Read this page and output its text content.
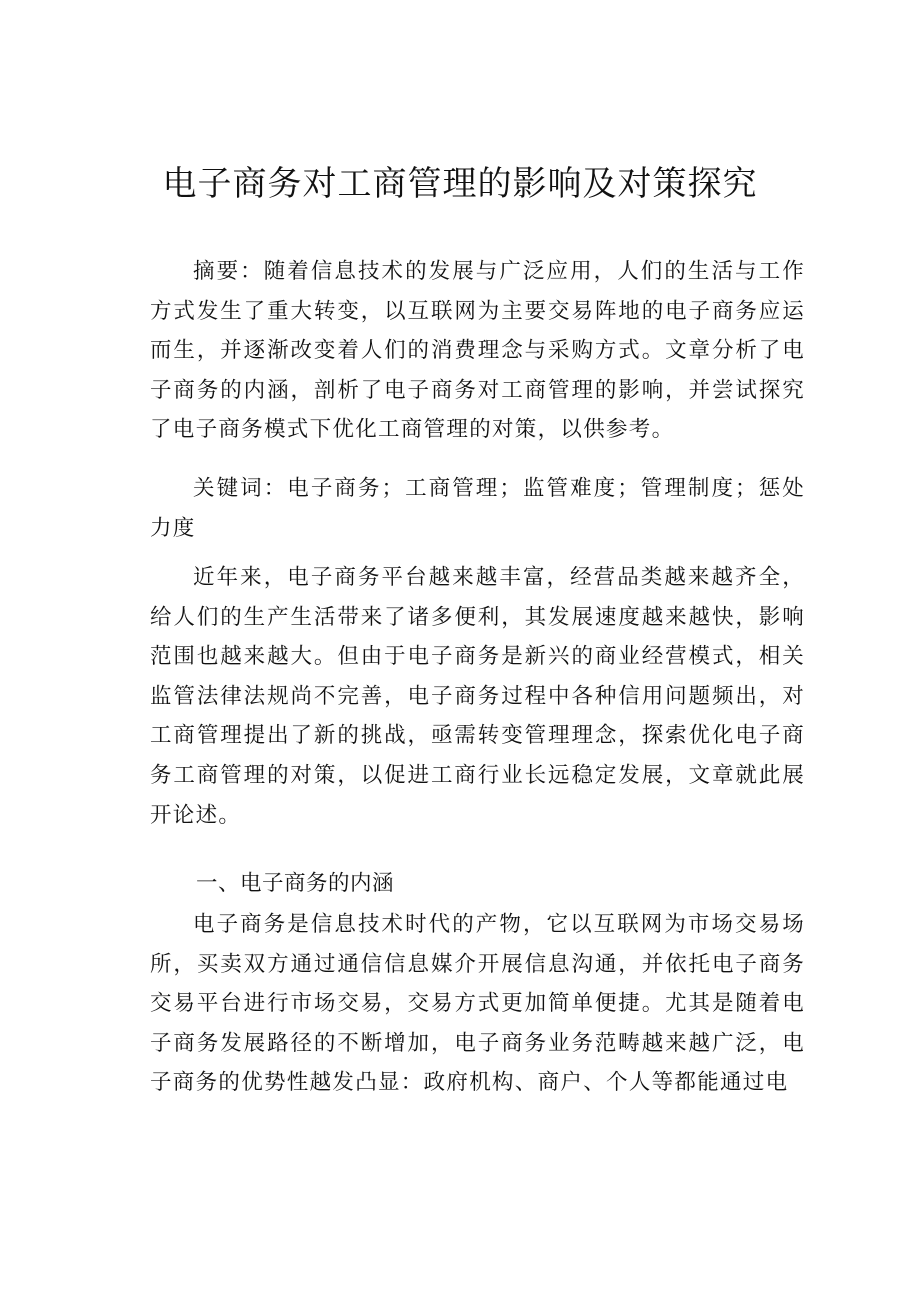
电子商务对工商管理的影响及对策探究

摘要：随着信息技术的发展与广泛应用，人们的生活与工作方式发生了重大转变，以互联网为主要交易阵地的电子商务应运而生，并逐渐改变着人们的消费理念与采购方式。文章分析了电子商务的内涵，剖析了电子商务对工商管理的影响，并尝试探究了电子商务模式下优化工商管理的对策，以供参考。

关键词：电子商务；工商管理；监管难度；管理制度；惩处力度

近年来，电子商务平台越来越丰富，经营品类越来越齐全，给人们的生产生活带来了诸多便利，其发展速度越来越快，影响范围也越来越大。但由于电子商务是新兴的商业经营模式，相关监管法律法规尚不完善，电子商务过程中各种信用问题频出，对工商管理提出了新的挑战，亟需转变管理理念，探索优化电子商务工商管理的对策，以促进工商行业长远稳定发展，文章就此展开论述。

一、电子商务的内涵

电子商务是信息技术时代的产物，它以互联网为市场交易场所，买卖双方通过通信信息媒介开展信息沟通，并依托电子商务交易平台进行市场交易，交易方式更加简单便捷。尤其是随着电子商务发展路径的不断增加，电子商务业务范畴越来越广泛，电子商务的优势性越发凸显：政府机构、商户、个人等都能通过电
